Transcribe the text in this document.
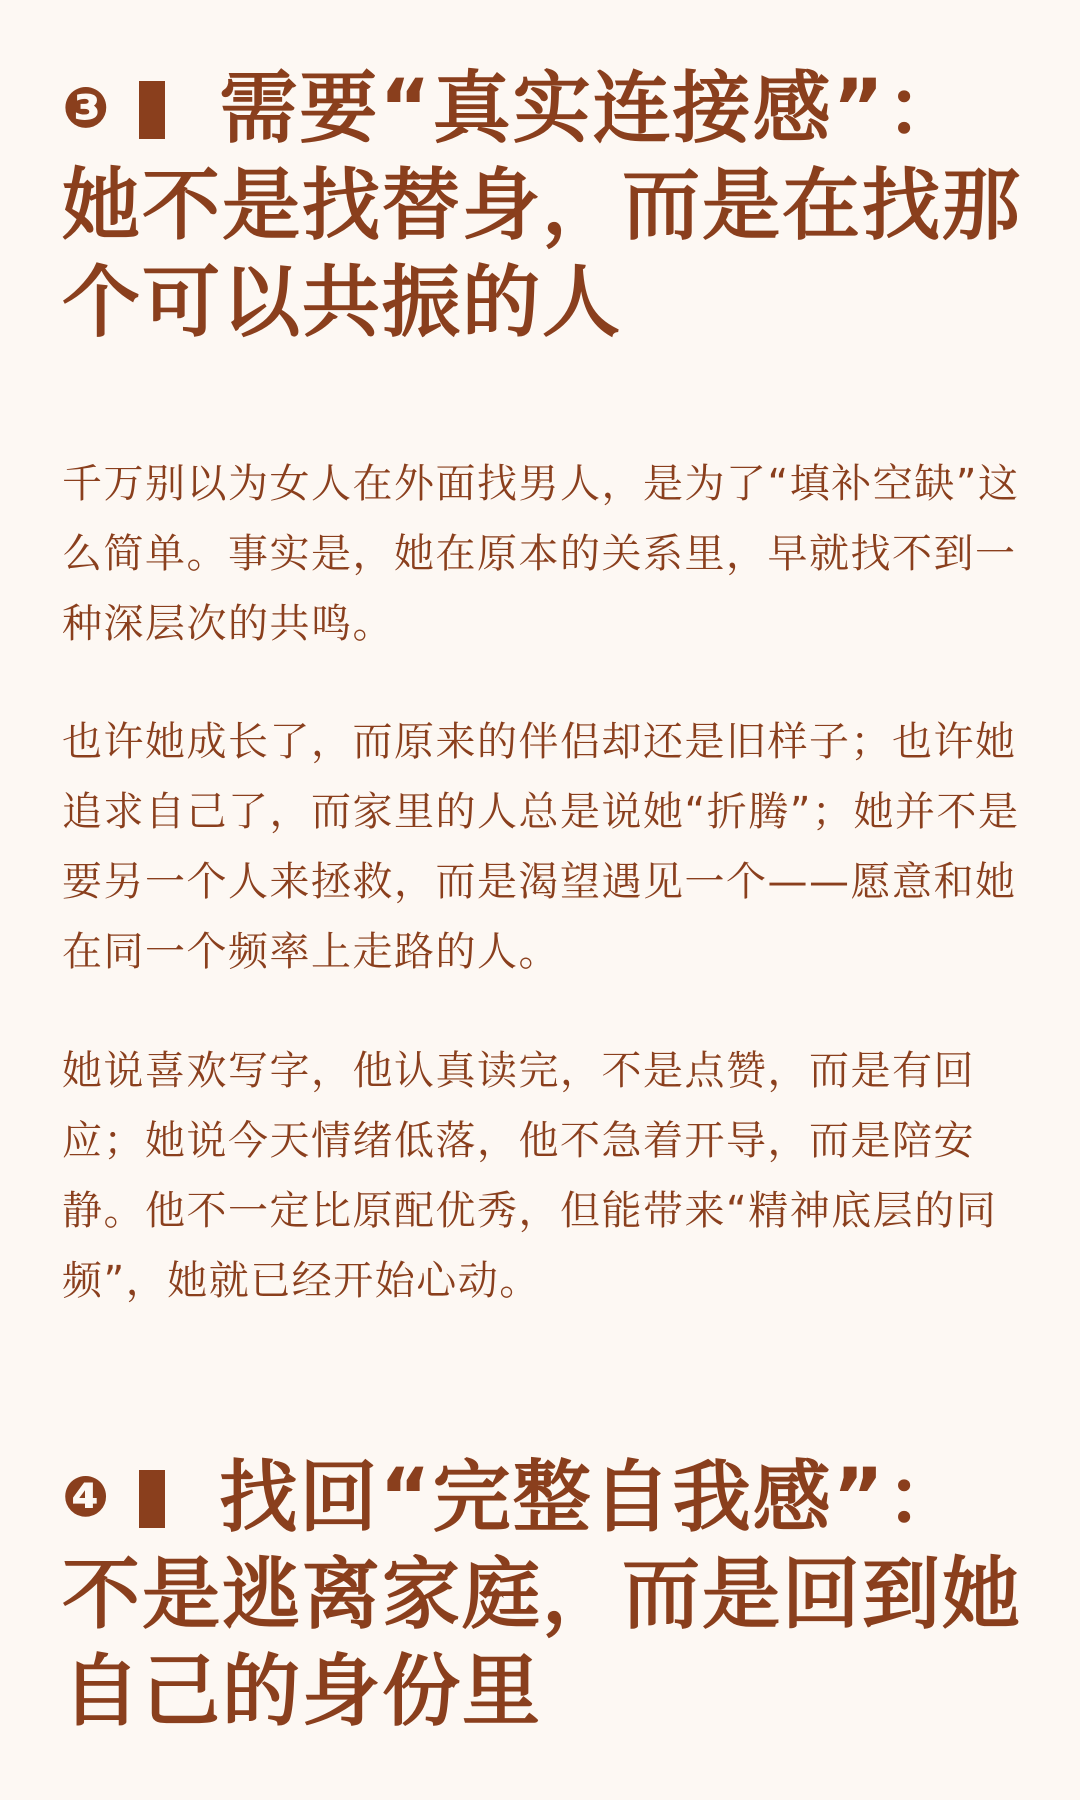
❸ 需要“真实连接感”：她不是找替身，而是在找那个可以共振的人

千万别以为女人在外面找男人，是为了“填补空缺”这么简单。事实是，她在原本的关系里，早就找不到一种深层次的共鸣。

也许她成长了，而原来的伴侣却还是旧样子；也许她追求自己了，而家里的人总是说她“折腾”；她并不是要另一个人来拯救，而是渴望遇见一个——愿意和她在同一个频率上走路的人。

她说喜欢写字，他认真读完，不是点赞，而是有回应；她说今天情绪低落，他不急着开导，而是陪安静。他不一定比原配优秀，但能带来“精神底层的同频”，她就已经开始心动。

❹ 找回“完整自我感”：不是逃离家庭，而是回到她自己的身份里
